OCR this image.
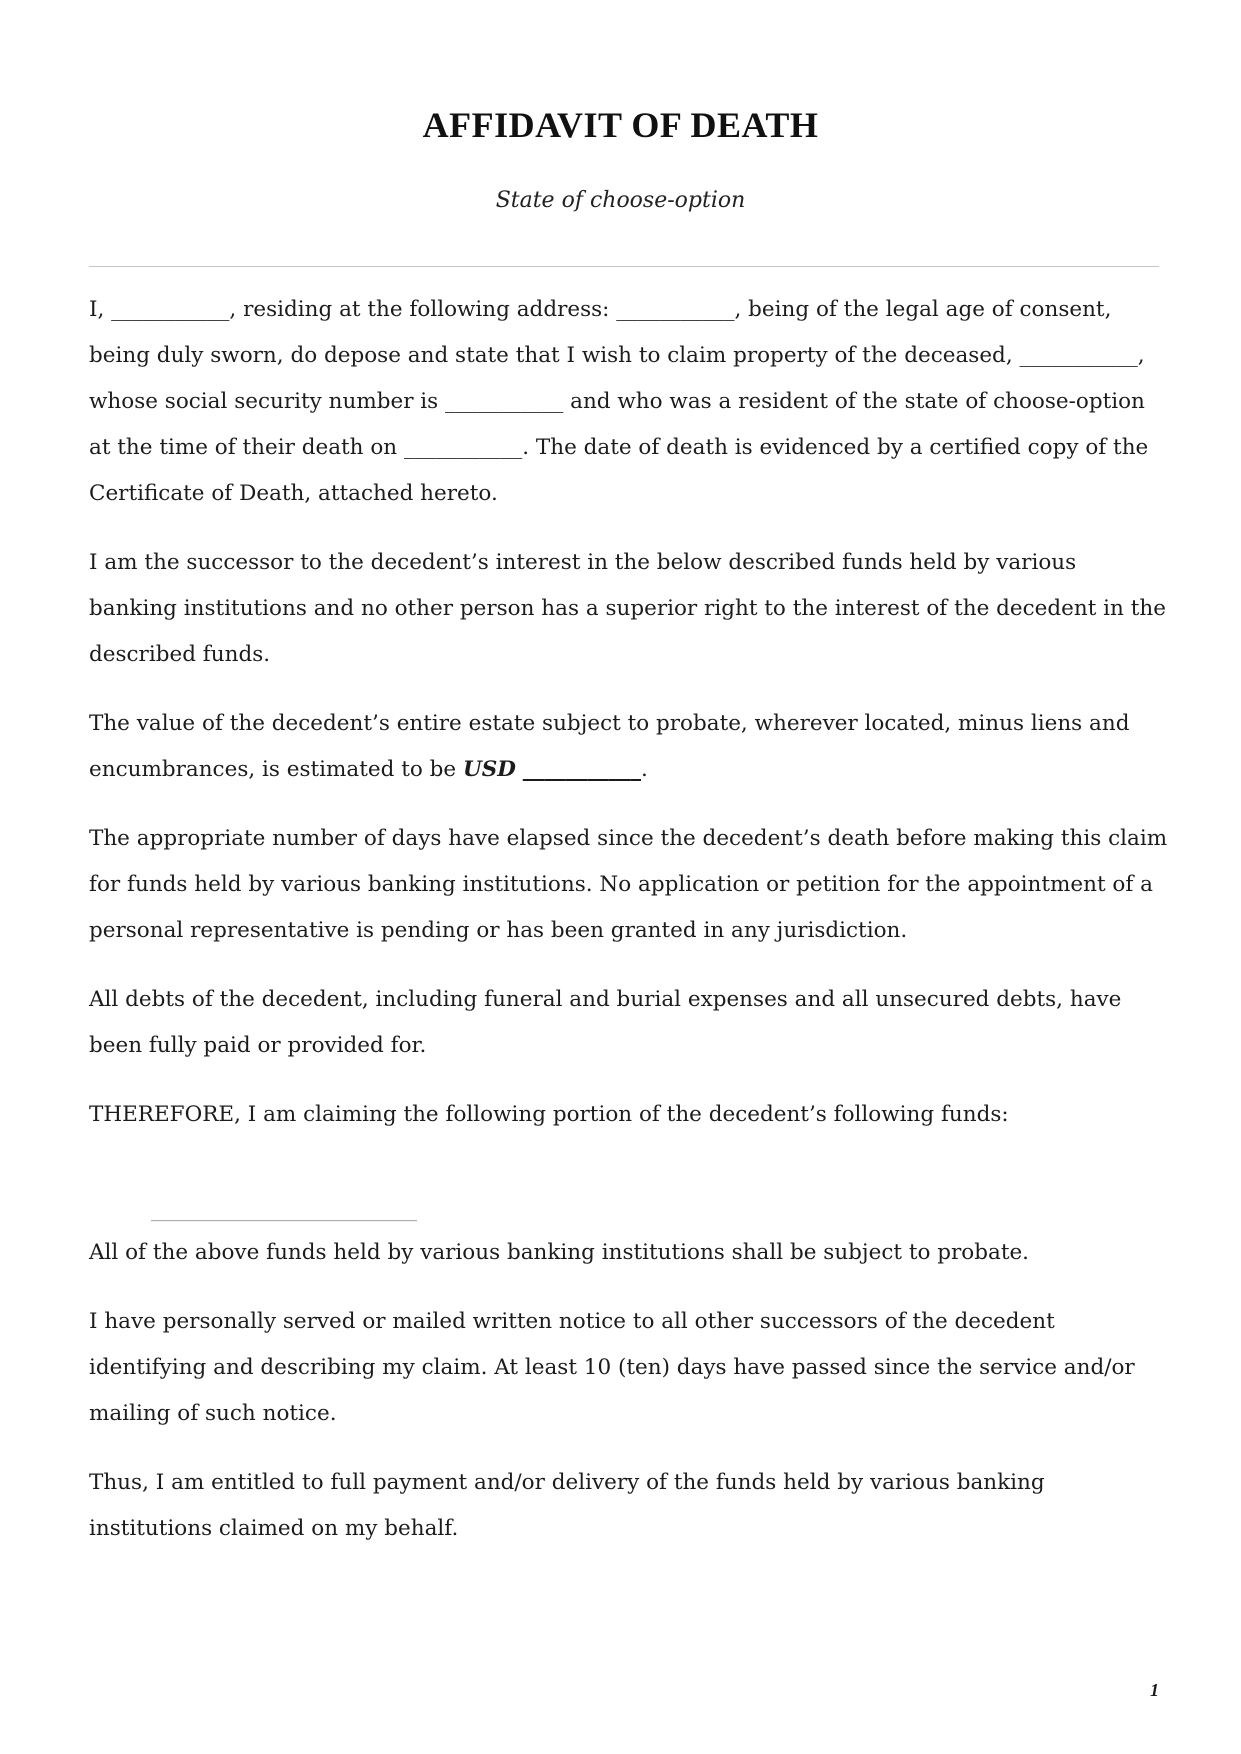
AFFIDAVIT OF DEATH
State of choose-option

I, ___________, residing at the following address: ___________, being of the legal age of consent, being duly sworn, do depose and state that I wish to claim property of the deceased, ___________, whose social security number is ___________ and who was a resident of the state of choose-option at the time of their death on ___________. The date of death is evidenced by a certified copy of the Certificate of Death, attached hereto.

I am the successor to the decedent’s interest in the below described funds held by various banking institutions and no other person has a superior right to the interest of the decedent in the described funds.

The value of the decedent’s entire estate subject to probate, wherever located, minus liens and encumbrances, is estimated to be USD ___________.

The appropriate number of days have elapsed since the decedent’s death before making this claim for funds held by various banking institutions. No application or petition for the appointment of a personal representative is pending or has been granted in any jurisdiction.

All debts of the decedent, including funeral and burial expenses and all unsecured debts, have been fully paid or provided for.

THEREFORE, I am claiming the following portion of the decedent’s following funds:

______________________________________

All of the above funds held by various banking institutions shall be subject to probate.

I have personally served or mailed written notice to all other successors of the decedent identifying and describing my claim. At least 10 (ten) days have passed since the service and/or mailing of such notice.

Thus, I am entitled to full payment and/or delivery of the funds held by various banking institutions claimed on my behalf.

1
